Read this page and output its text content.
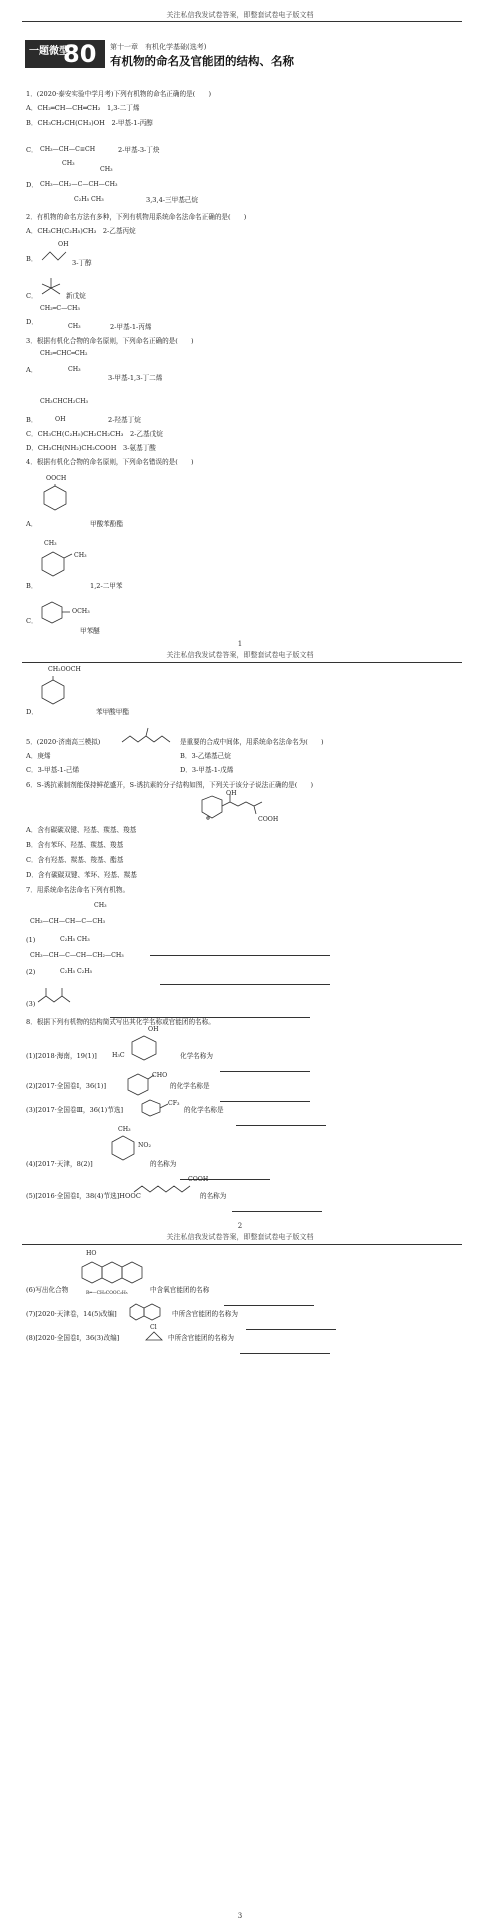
关注私信我发试卷答案，即整套试卷电子版文档
一题微型
80 第十一章　有机化学基础(选考)
有机物的命名及官能团的结构、名称
1．(2020·泰安实验中学月考)下列有机物的命名正确的是(　　)
A．CH₂═CH—CH═CH₂　1,3-二丁烯
B．CH₃CH₂CH(CH₃)OH　2-甲基-1-丙醇
C． CH₃—CH—C≡CH
CH₃
2-甲基-3-丁炔
CH₃
D． CH₃—CH₂—C—CH—CH₃
C₂H₅ CH₃	3,3,4-三甲基己烷
2．有机物的命名方法有多种，下列有机物用系统命名法命名正确的是(　　)
A．CH₃CH(C₂H₅)CH₃　2-乙基丙烷
OH
B．	3-丁醇
C．	新戊烷
CH₂═C—CH₃
D．
CH₃	2-甲基-1-丙烯
3．根据有机化合物的命名原则，下列命名正确的是(　　)
CH₂═CHC═CH₂
A．	CH₃
3-甲基-1,3-丁二烯
CH₃CHCH₂CH₃
B．	OH	2-羟基丁烷
C．CH₃CH(C₂H₅)CH₂CH₂CH₃　2-乙基戊烷
D．CH₃CH(NH₂)CH₂COOH　3-氨基丁酸
4．根据有机化合物的命名原则，下列命名错误的是(　　)
OOCH
A．	甲酸苯酚酯
CH₃
CH₃
B．	1,2-二甲苯
C．
OCH₃
甲苯醚
1
关注私信我发试卷答案，即整套试卷电子版文档
CH₂OOCH
D．	苯甲酸甲酯
5．(2020·济南高三模拟)	是重要的合成中间体，用系统命名法命名为(　　)
A．庚烯	B．3-乙烯基己烷
C．3-甲基-1-己烯	D．3-甲基-1-戊烯
6．S-诱抗素制剂能保持鲜花盛开，S-诱抗素的分子结构如图，下列关于该分子说法正确的是(　　)
OH
COOH
A．含有碳碳双键、羟基、羰基、羧基
B．含有苯环、羟基、羰基、羧基
C．含有羟基、羰基、羧基、酯基
D．含有碳碳双键、苯环、羟基、羰基
7．用系统命名法命名下列有机物。
CH₃
CH₃—CH—CH—C—CH₃
(1)	C₂H₅ CH₃
CH₃—CH—C—CH—CH₂—CH₃
(2)	C₂H₅ C₂H₅
(3)
8．根据下列有机物的结构简式写出其化学名称或官能团的名称。
OH
(1)[2018·海南，19(1)] H₃C	化学名称为
(2)[2017·全国卷Ⅰ，36(1)]
CHO
的化学名称是
(3)[2017·全国卷Ⅲ，36(1)节选]
CF₃
的化学名称是
CH₃
NO₂
(4)[2017·天津，8(2)]	的名称为
COOH
(5)[2016·全国卷Ⅰ，38(4)节选]HOOC	的名称为
2
关注私信我发试卷答案，即整套试卷电子版文档
HO
(6)写出化合物	R═—CH₂COOC₂H₅	中含氧官能团的名称
(7)[2020·天津卷，14(5)改编]	中所含官能团的名称为
Cl
(8)[2020·全国卷Ⅰ，36(3)改编]	中所含官能团的名称为
3
